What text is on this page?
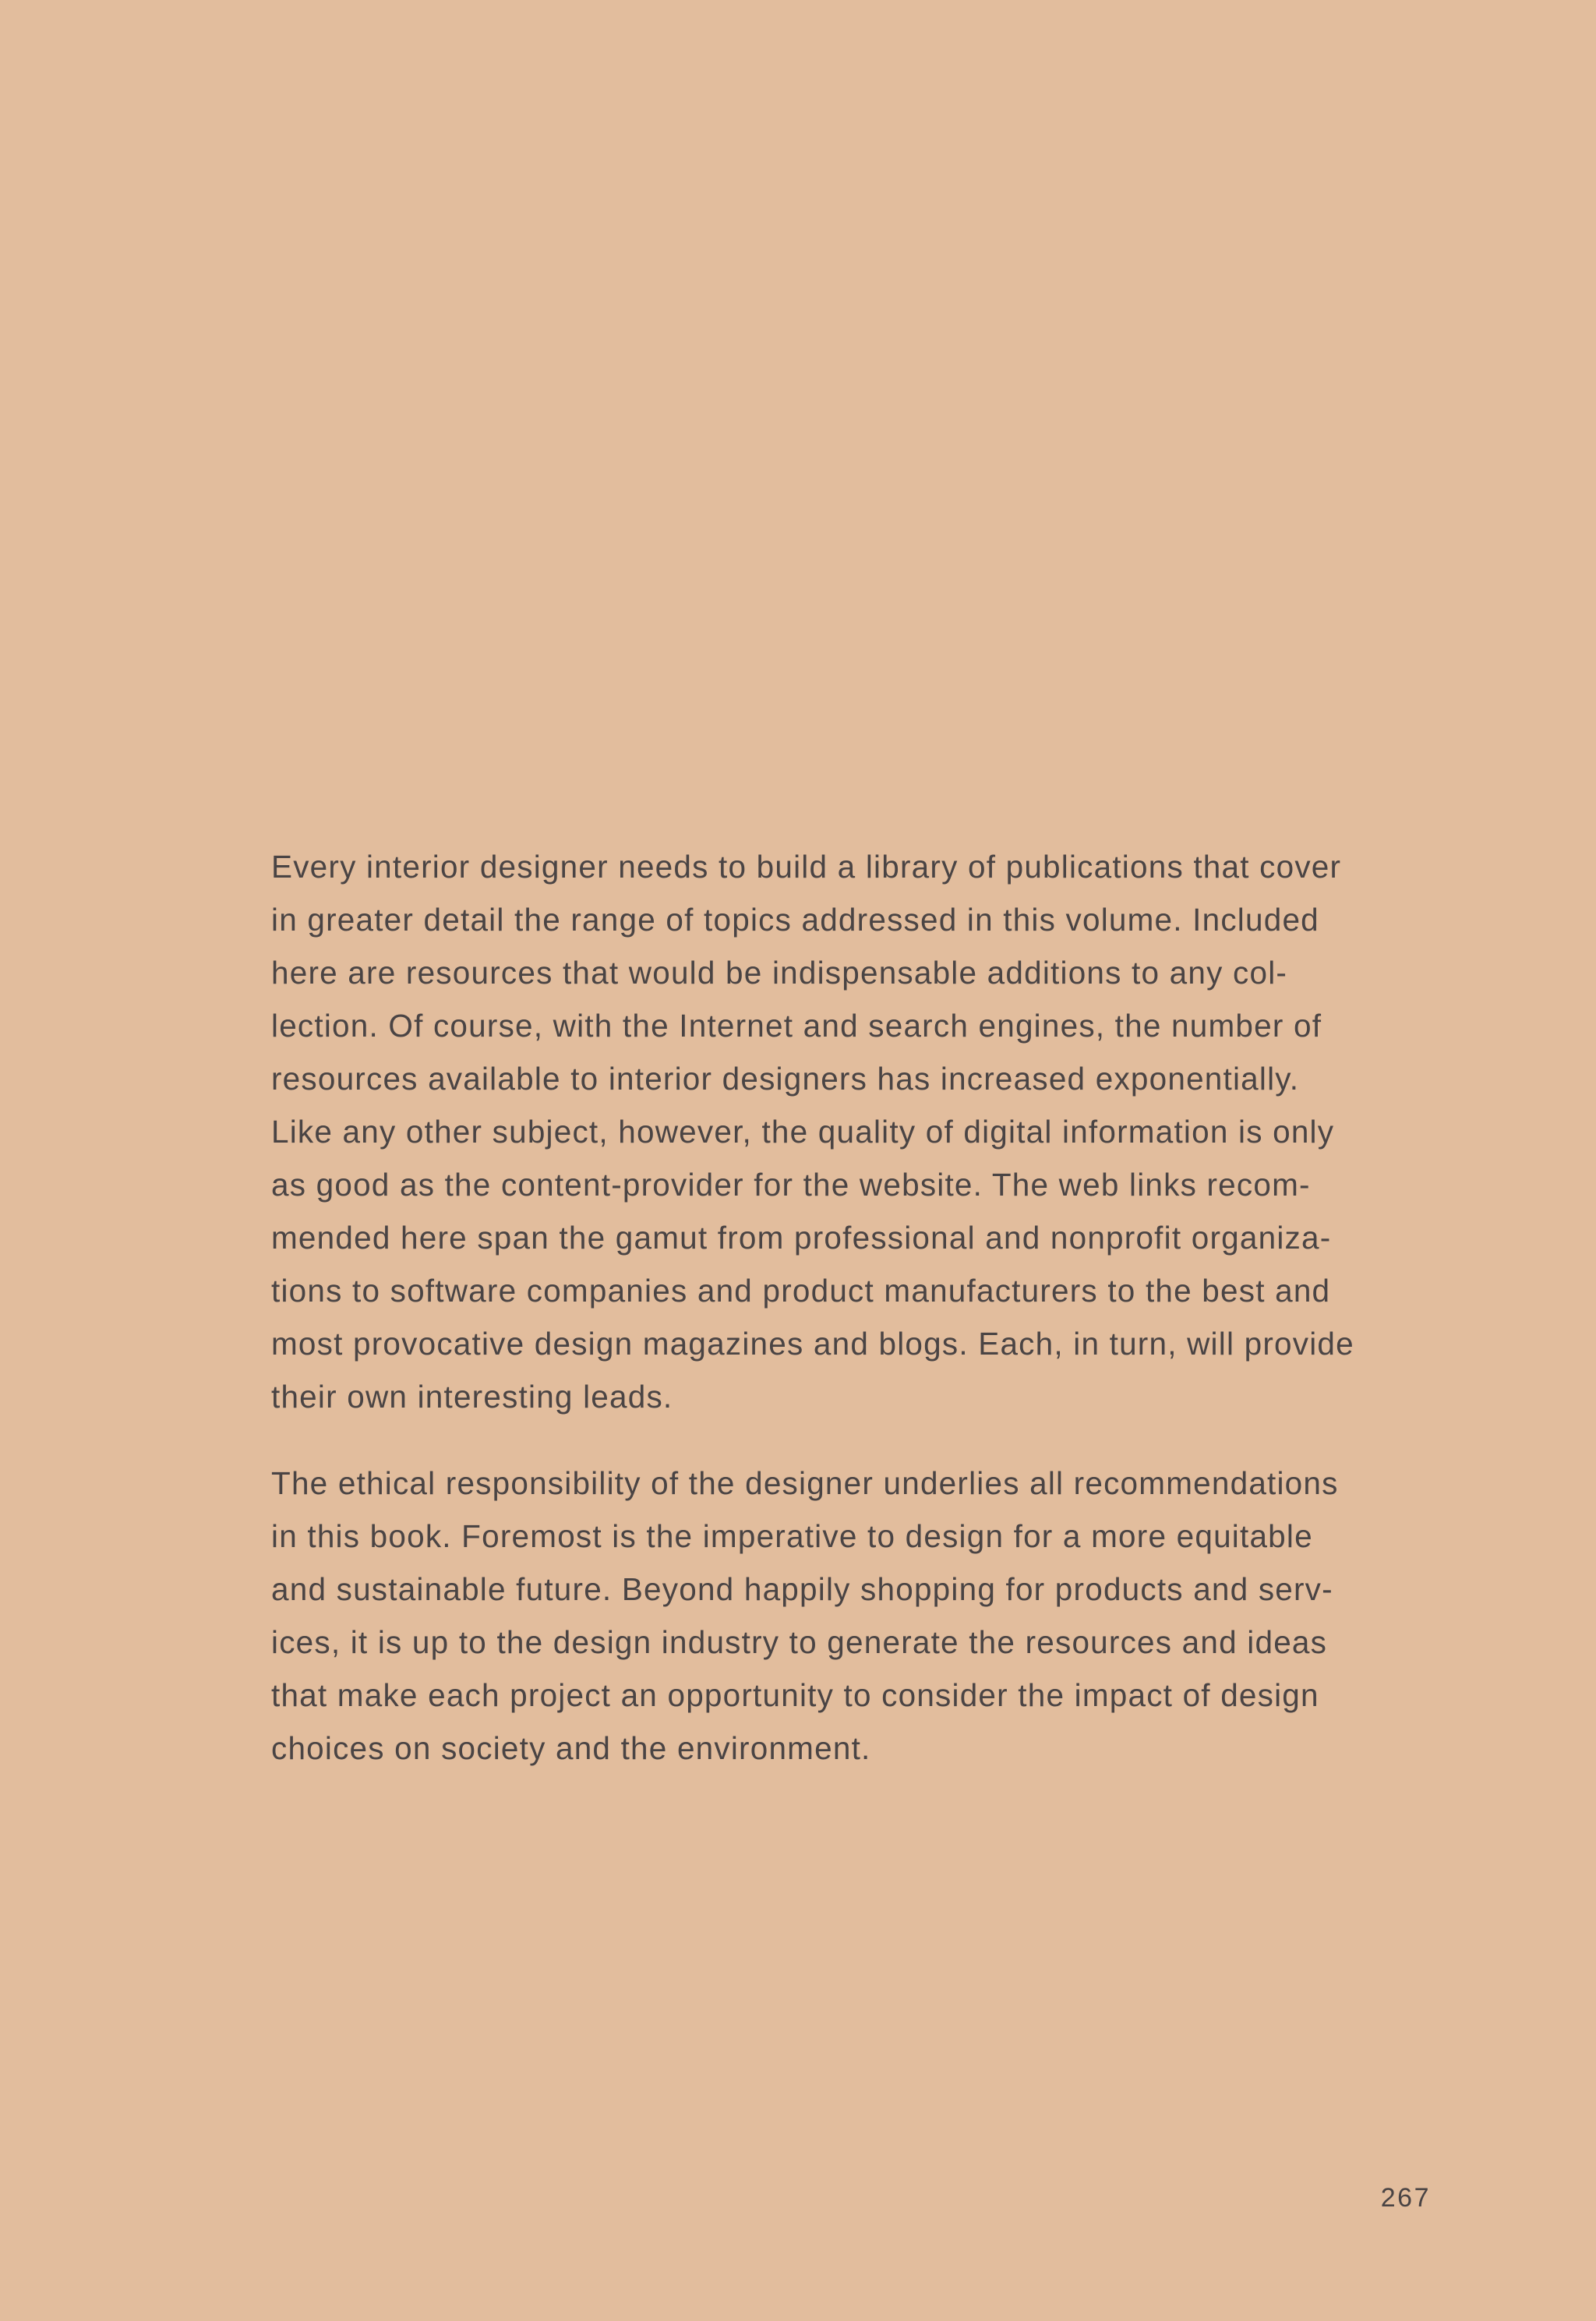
Every interior designer needs to build a library of publications that cover
in greater detail the range of topics addressed in this volume. Included
here are resources that would be indispensable additions to any col-
lection. Of course, with the Internet and search engines, the number of
resources available to interior designers has increased exponentially.
Like any other subject, however, the quality of digital information is only
as good as the content-provider for the website. The web links recom-
mended here span the gamut from professional and nonprofit organiza-
tions to software companies and product manufacturers to the best and
most provocative design magazines and blogs. Each, in turn, will provide
their own interesting leads.

The ethical responsibility of the designer underlies all recommendations
in this book. Foremost is the imperative to design for a more equitable
and sustainable future. Beyond happily shopping for products and serv-
ices, it is up to the design industry to generate the resources and ideas
that make each project an opportunity to consider the impact of design
choices on society and the environment.

267
